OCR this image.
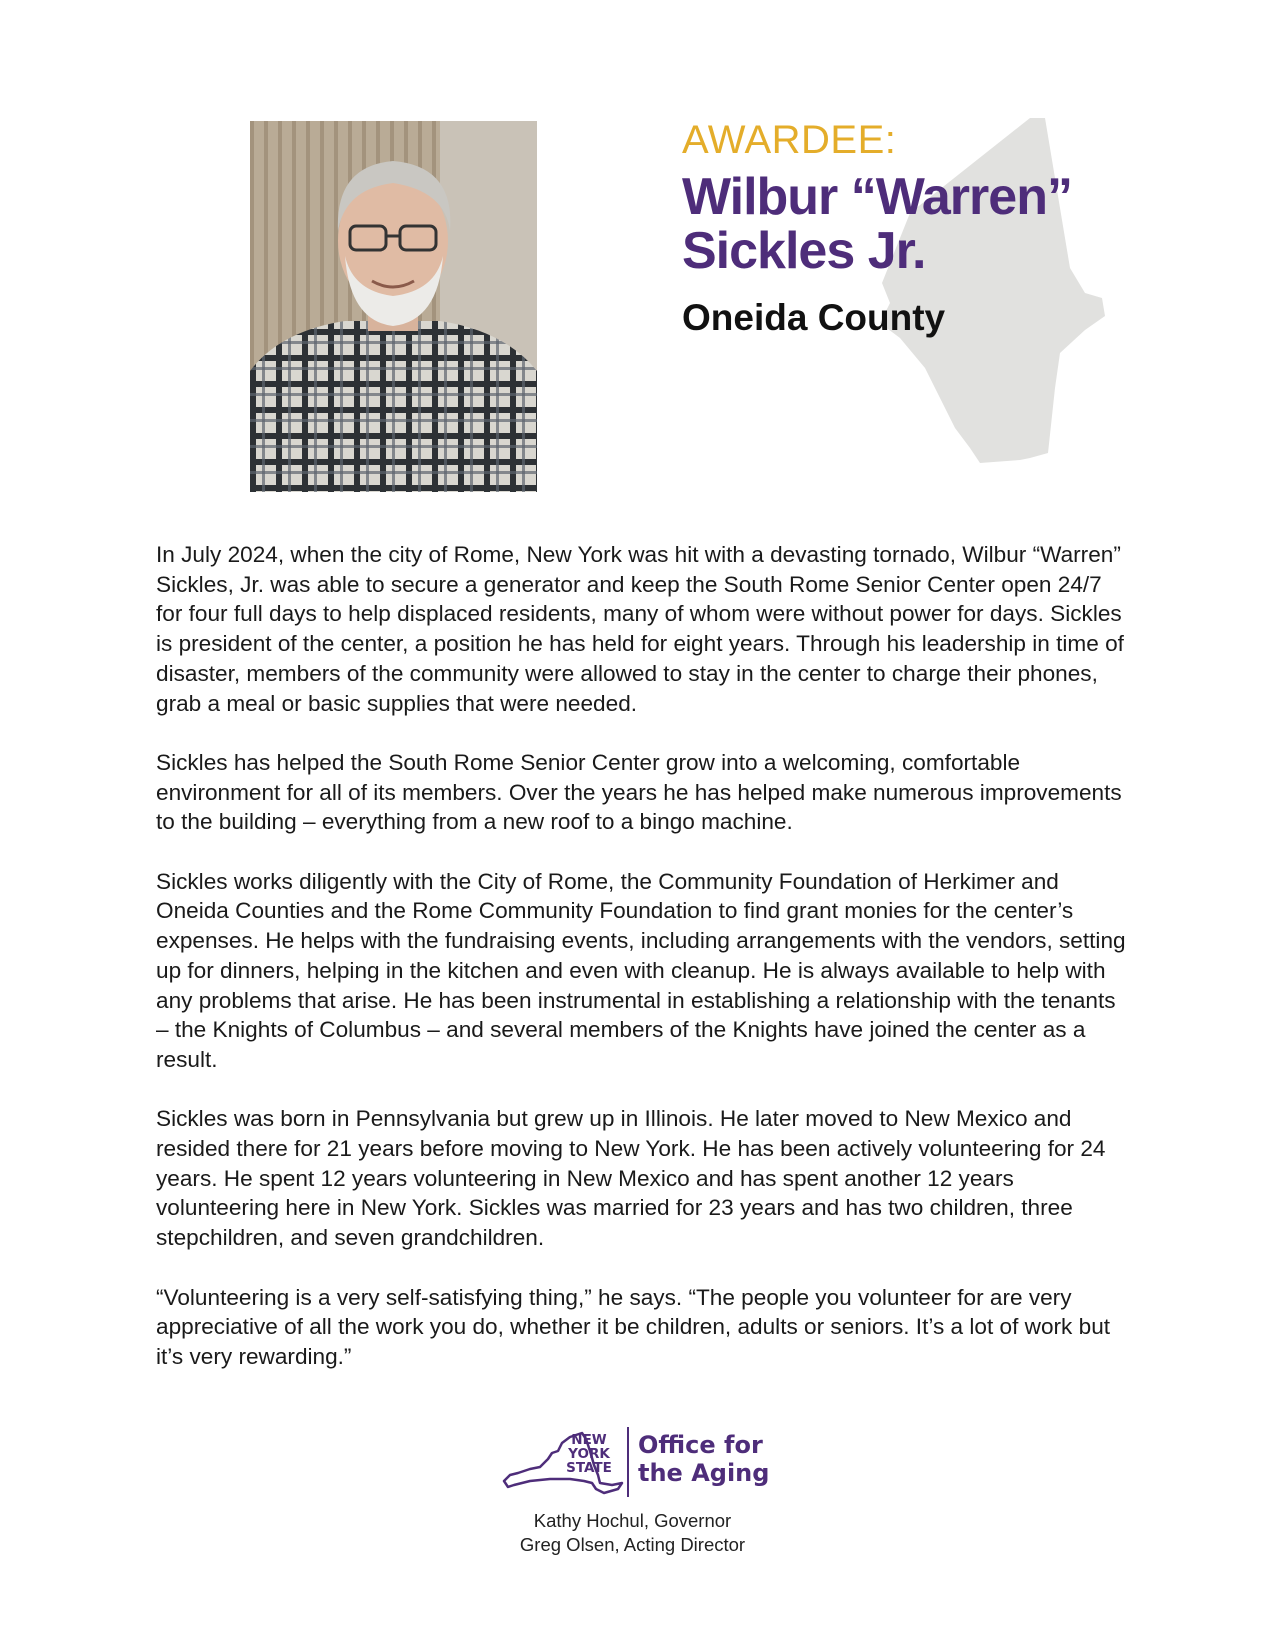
AWARDEE:
Wilbur “Warren”
Sickles Jr.
Oneida County

In July 2024, when the city of Rome, New York was hit with a devasting tornado, Wilbur “Warren” Sickles, Jr. was able to secure a generator and keep the South Rome Senior Center open 24/7 for four full days to help displaced residents, many of whom were without power for days. Sickles is president of the center, a position he has held for eight years. Through his leadership in time of disaster, members of the community were allowed to stay in the center to charge their phones, grab a meal or basic supplies that were needed.

Sickles has helped the South Rome Senior Center grow into a welcoming, comfortable environment for all of its members. Over the years he has helped make numerous improvements to the building – everything from a new roof to a bingo machine.

Sickles works diligently with the City of Rome, the Community Foundation of Herkimer and Oneida Counties and the Rome Community Foundation to find grant monies for the center’s expenses. He helps with the fundraising events, including arrangements with the vendors, setting up for dinners, helping in the kitchen and even with cleanup. He is always available to help with any problems that arise. He has been instrumental in establishing a relationship with the tenants – the Knights of Columbus – and several members of the Knights have joined the center as a result.

Sickles was born in Pennsylvania but grew up in Illinois. He later moved to New Mexico and resided there for 21 years before moving to New York. He has been actively volunteering for 24 years. He spent 12 years volunteering in New Mexico and has spent another 12 years volunteering here in New York. Sickles was married for 23 years and has two children, three stepchildren, and seven grandchildren.

“Volunteering is a very self-satisfying thing,” he says. “The people you volunteer for are very appreciative of all the work you do, whether it be children, adults or seniors. It’s a lot of work but it’s very rewarding.”

NEW
YORK
STATE
Office for
the Aging
Kathy Hochul, Governor
Greg Olsen, Acting Director
